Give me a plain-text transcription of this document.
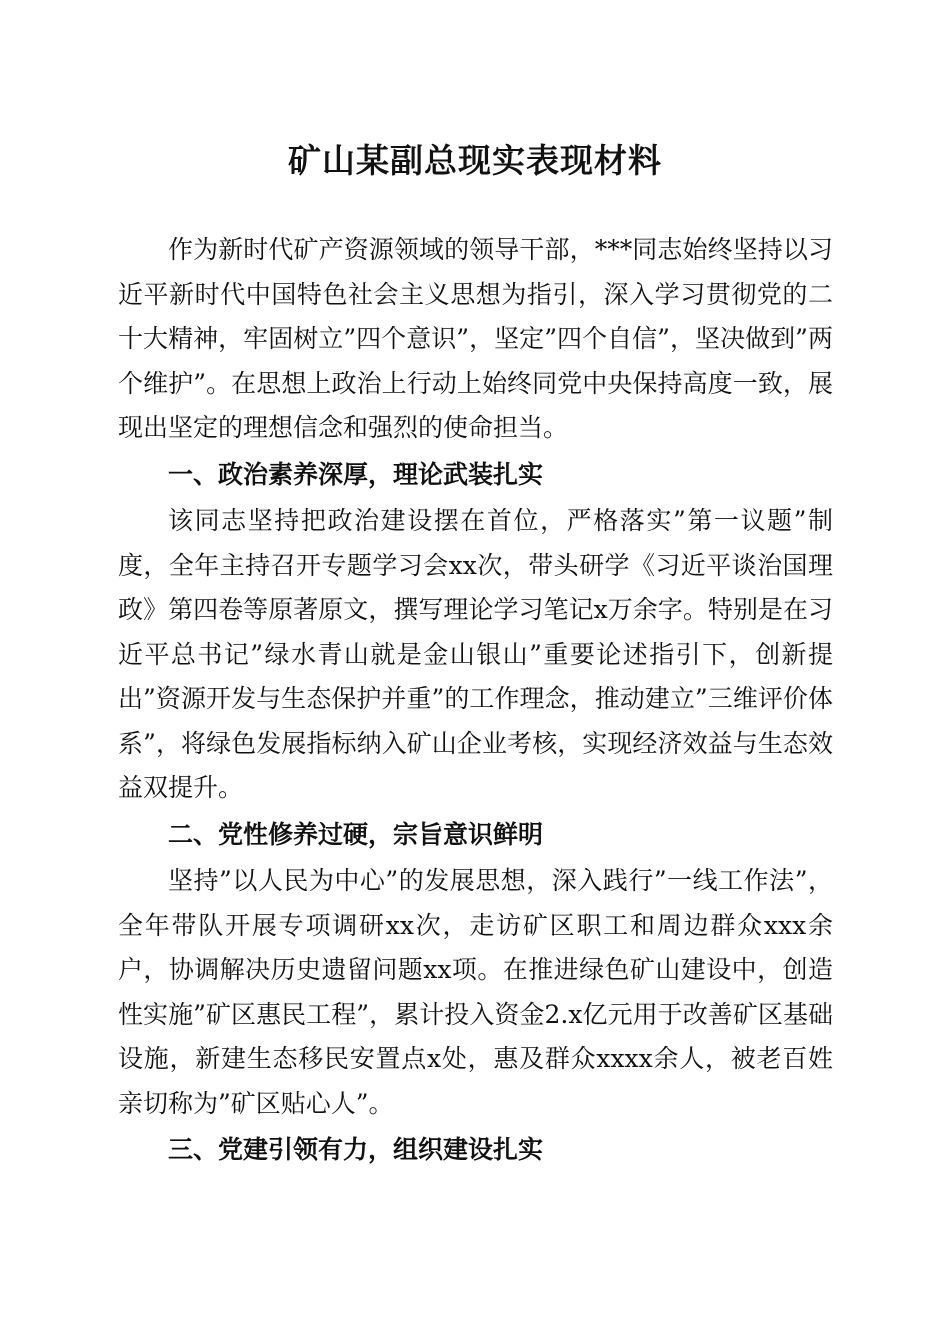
矿山某副总现实表现材料

作为新时代矿产资源领域的领导干部，***同志始终坚持以习近平新时代中国特色社会主义思想为指引，深入学习贯彻党的二十大精神，牢固树立”四个意识”，坚定”四个自信”，坚决做到”两个维护”。在思想上政治上行动上始终同党中央保持高度一致，展现出坚定的理想信念和强烈的使命担当。

一、政治素养深厚，理论武装扎实

该同志坚持把政治建设摆在首位，严格落实”第一议题”制度，全年主持召开专题学习会xx次，带头研学《习近平谈治国理政》第四卷等原著原文，撰写理论学习笔记x万余字。特别是在习近平总书记”绿水青山就是金山银山”重要论述指引下，创新提出”资源开发与生态保护并重”的工作理念，推动建立”三维评价体系”，将绿色发展指标纳入矿山企业考核，实现经济效益与生态效益双提升。

二、党性修养过硬，宗旨意识鲜明

坚持”以人民为中心”的发展思想，深入践行”一线工作法”，全年带队开展专项调研xx次，走访矿区职工和周边群众xxx余户，协调解决历史遗留问题xx项。在推进绿色矿山建设中，创造性实施”矿区惠民工程”，累计投入资金2.x亿元用于改善矿区基础设施，新建生态移民安置点x处，惠及群众xxxx余人，被老百姓亲切称为”矿区贴心人”。

三、党建引领有力，组织建设扎实
